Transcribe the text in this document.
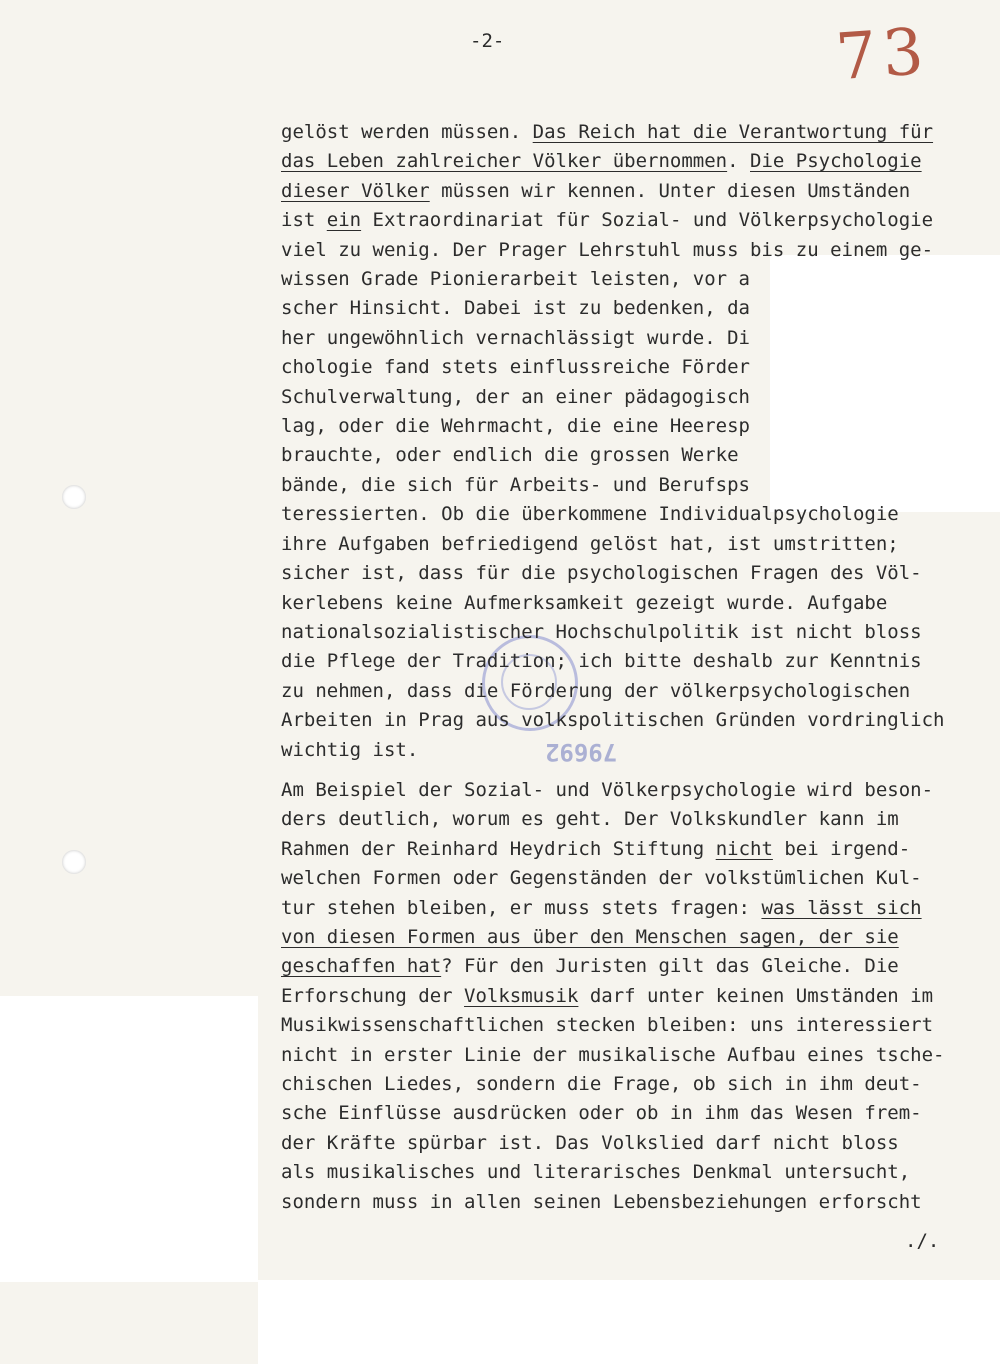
-2-	73
79692
gelöst werden müssen. Das Reich hat die Verantwortung für
das Leben zahlreicher Völker übernommen. Die Psychologie
dieser Völker müssen wir kennen. Unter diesen Umständen
ist ein Extraordinariat für Sozial- und Völkerpsychologie
viel zu wenig. Der Prager Lehrstuhl muss bis zu einem ge-
wissen Grade Pionierarbeit leisten, vor a
scher Hinsicht. Dabei ist zu bedenken, da
her ungewöhnlich vernachlässigt wurde. Di
chologie fand stets einflussreiche Förder
Schulverwaltung, der an einer pädagogisch
lag, oder die Wehrmacht, die eine Heeresp
brauchte, oder endlich die grossen Werke
bände, die sich für Arbeits- und Berufsps
teressierten. Ob die überkommene Individualpsychologie
ihre Aufgaben befriedigend gelöst hat, ist umstritten;
sicher ist, dass für die psychologischen Fragen des Völ-
kerlebens keine Aufmerksamkeit gezeigt wurde. Aufgabe
nationalsozialistischer Hochschulpolitik ist nicht bloss
die Pflege der Tradition; ich bitte deshalb zur Kenntnis
zu nehmen, dass die Förderung der völkerpsychologischen
Arbeiten in Prag aus volkspolitischen Gründen vordringlich
wichtig ist.
Am Beispiel der Sozial- und Völkerpsychologie wird beson-
ders deutlich, worum es geht. Der Volkskundler kann im
Rahmen der Reinhard Heydrich Stiftung nicht bei irgend-
welchen Formen oder Gegenständen der volkstümlichen Kul-
tur stehen bleiben, er muss stets fragen: was lässt sich
von diesen Formen aus über den Menschen sagen, der sie
geschaffen hat? Für den Juristen gilt das Gleiche. Die
Erforschung der Volksmusik darf unter keinen Umständen im
Musikwissenschaftlichen stecken bleiben: uns interessiert
nicht in erster Linie der musikalische Aufbau eines tsche-
chischen Liedes, sondern die Frage, ob sich in ihm deut-
sche Einflüsse ausdrücken oder ob in ihm das Wesen frem-
der Kräfte spürbar ist. Das Volkslied darf nicht bloss
als musikalisches und literarisches Denkmal untersucht,
sondern muss in allen seinen Lebensbeziehungen erforscht
./.
